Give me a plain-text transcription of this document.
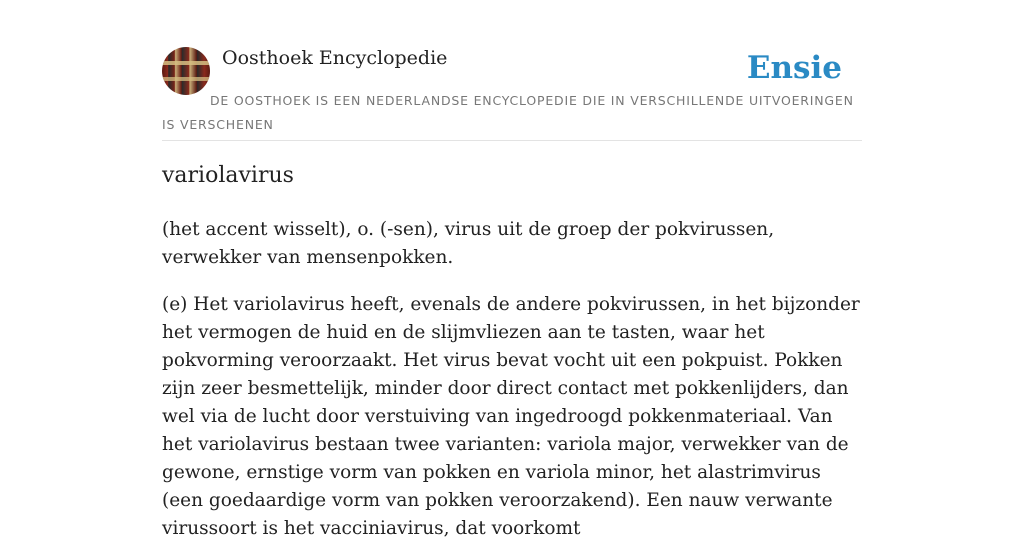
Oosthoek Encyclopedie	Ensie
DE OOSTHOEK IS EEN NEDERLANDSE ENCYCLOPEDIE DIE IN VERSCHILLENDE UITVOERINGEN IS VERSCHENEN
variolavirus

(het accent wisselt), o. (-sen), virus uit de groep der pokvirussen, verwekker van mensenpokken.

(e) Het variolavirus heeft, evenals de andere pokvirussen, in het bijzonder het vermogen de huid en de slijmvliezen aan te tasten, waar het pokvorming veroorzaakt. Het virus bevat vocht uit een pokpuist. Pokken zijn zeer besmettelijk, minder door direct contact met pokkenlijders, dan wel via de lucht door verstuiving van ingedroogd pokkenmateriaal. Van het variolavirus bestaan twee varianten: variola major, verwekker van de gewone, ernstige vorm van pokken en variola minor, het alastrimvirus (een goedaardige vorm van pokken veroorzakend). Een nauw verwante virussoort is het vacciniavirus, dat voorkomt
